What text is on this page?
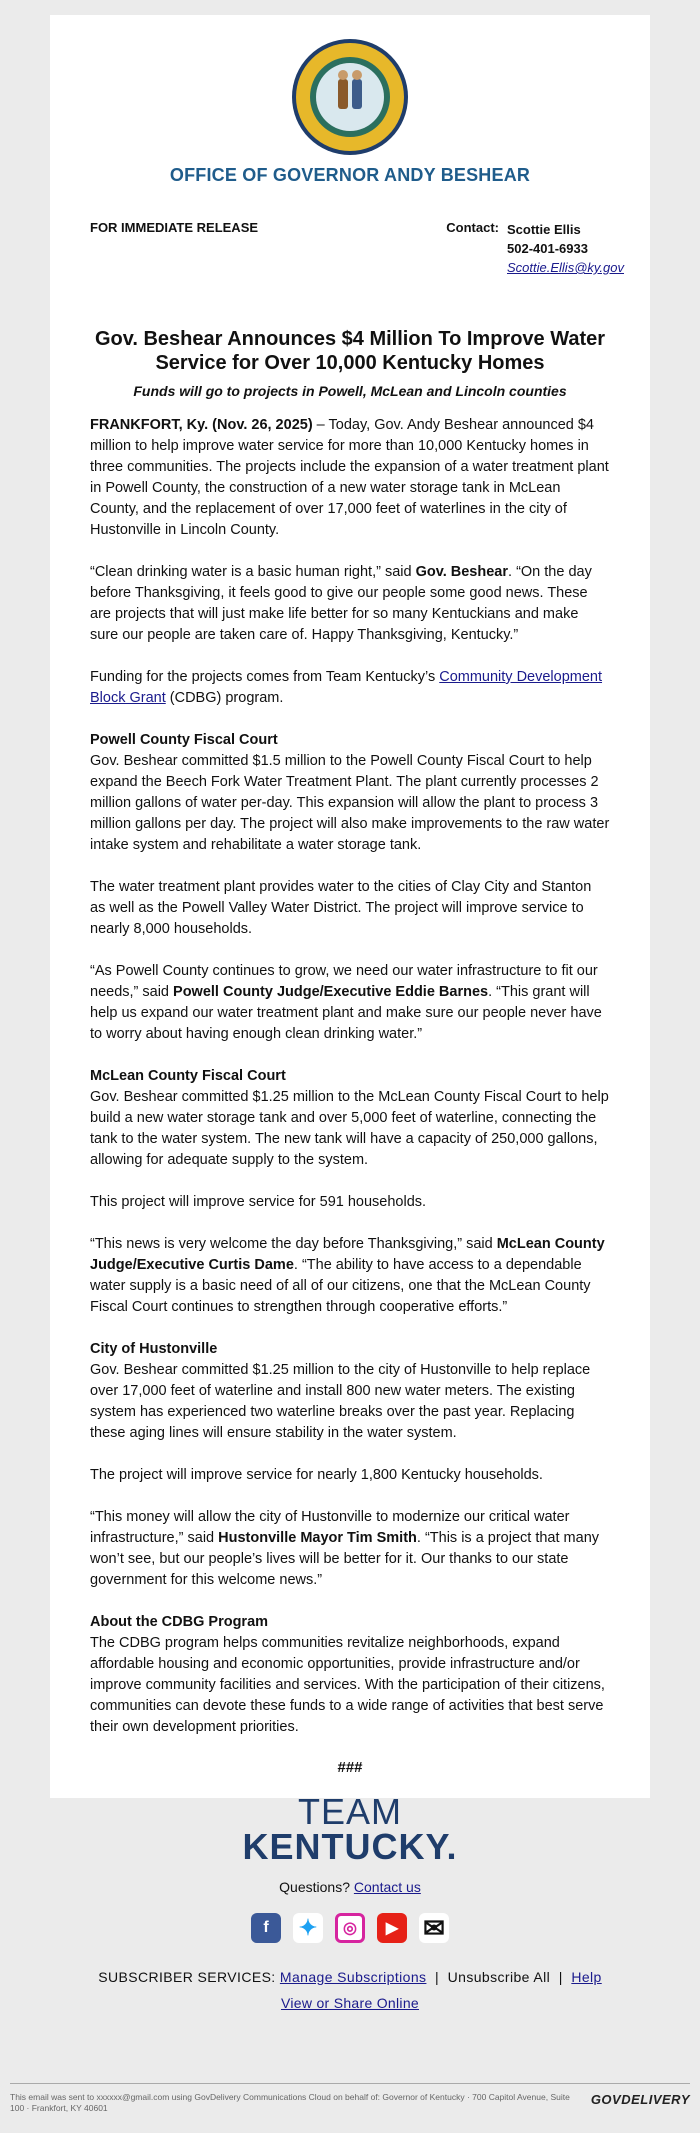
OFFICE OF GOVERNOR ANDY BESHEAR
FOR IMMEDIATE RELEASE	Contact: Scottie Ellis
502-401-6933
Scottie.Ellis@ky.gov
Gov. Beshear Announces $4 Million To Improve Water Service for Over 10,000 Kentucky Homes
Funds will go to projects in Powell, McLean and Lincoln counties

FRANKFORT, Ky. (Nov. 26, 2025) – Today, Gov. Andy Beshear announced $4 million to help improve water service for more than 10,000 Kentucky homes in three communities. The projects include the expansion of a water treatment plant in Powell County, the construction of a new water storage tank in McLean County, and the replacement of over 17,000 feet of waterlines in the city of Hustonville in Lincoln County.

“Clean drinking water is a basic human right,” said Gov. Beshear. “On the day before Thanksgiving, it feels good to give our people some good news. These are projects that will just make life better for so many Kentuckians and make sure our people are taken care of. Happy Thanksgiving, Kentucky.”

Funding for the projects comes from Team Kentucky’s Community Development Block Grant (CDBG) program.

Powell County Fiscal Court
Gov. Beshear committed $1.5 million to the Powell County Fiscal Court to help expand the Beech Fork Water Treatment Plant. The plant currently processes 2 million gallons of water per-day. This expansion will allow the plant to process 3 million gallons per day. The project will also make improvements to the raw water intake system and rehabilitate a water storage tank.

The water treatment plant provides water to the cities of Clay City and Stanton as well as the Powell Valley Water District. The project will improve service to nearly 8,000 households.

“As Powell County continues to grow, we need our water infrastructure to fit our needs,” said Powell County Judge/Executive Eddie Barnes. “This grant will help us expand our water treatment plant and make sure our people never have to worry about having enough clean drinking water.”

McLean County Fiscal Court
Gov. Beshear committed $1.25 million to the McLean County Fiscal Court to help build a new water storage tank and over 5,000 feet of waterline, connecting the tank to the water system. The new tank will have a capacity of 250,000 gallons, allowing for adequate supply to the system.

This project will improve service for 591 households.

“This news is very welcome the day before Thanksgiving,” said McLean County Judge/Executive Curtis Dame. “The ability to have access to a dependable water supply is a basic need of all of our citizens, one that the McLean County Fiscal Court continues to strengthen through cooperative efforts.”

City of Hustonville
Gov. Beshear committed $1.25 million to the city of Hustonville to help replace over 17,000 feet of waterline and install 800 new water meters. The existing system has experienced two waterline breaks over the past year. Replacing these aging lines will ensure stability in the water system.

The project will improve service for nearly 1,800 Kentucky households.

“This money will allow the city of Hustonville to modernize our critical water infrastructure,” said Hustonville Mayor Tim Smith. “This is a project that many won’t see, but our people’s lives will be better for it. Our thanks to our state government for this welcome news.”

About the CDBG Program
The CDBG program helps communities revitalize neighborhoods, expand affordable housing and economic opportunities, provide infrastructure and/or improve community facilities and services. With the participation of their citizens, communities can devote these funds to a wide range of activities that best serve their own development priorities.

###
TEAM
KENTUCKY.
Questions? Contact us
f	✦	◎	▶ ✉
SUBSCRIBER SERVICES: Manage Subscriptions  |  Unsubscribe All  |  Help
View or Share Online
This email was sent to xxxxxx@gmail.com using GovDelivery Communications Cloud on behalf of: Governor of Kentucky · 700 Capitol Avenue, Suite 100 · Frankfort, KY 40601
GOVDELIVERY
